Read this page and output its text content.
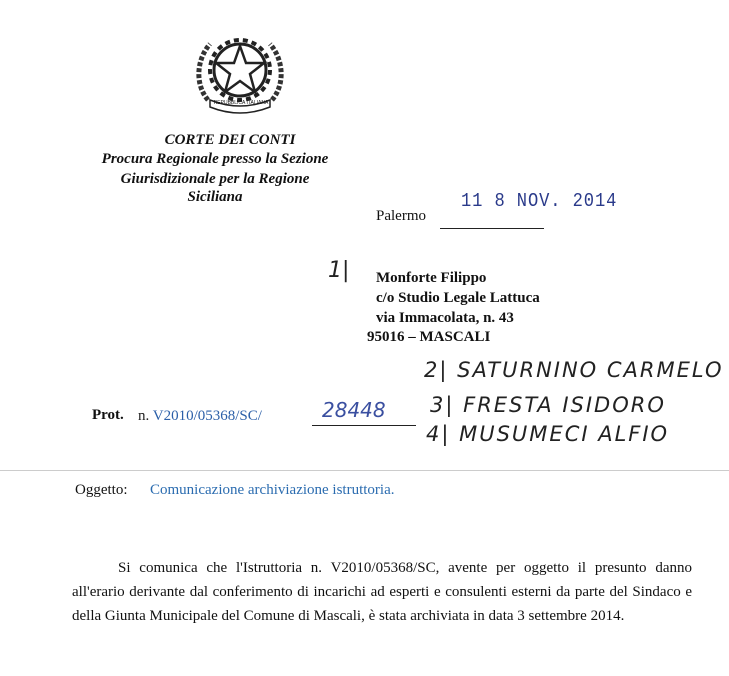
REPUBBLICA ITALIANA
CORTE DEI CONTI
Procura Regionale presso la Sezione
Giurisdizionale per la Regione
Siciliana	11 8 NOV. 2014
Palermo
1| Monforte Filippo
c/o Studio Legale Lattuca
via Immacolata, n. 43
95016 – MASCALI
2| SATURNINO CARMELO
3| FRESTA ISIDORO
4| MUSUMECI ALFIO
Prot. n. V2010/05368/SC/	28448
Oggetto: Comunicazione archiviazione istruttoria.
Si comunica che l'Istruttoria n. V2010/05368/SC, avente per oggetto il presunto danno all'erario derivante dal conferimento di incarichi ad esperti e consulenti esterni da parte del Sindaco e della Giunta Municipale del Comune di Mascali, è stata archiviata in data 3 settembre 2014.
